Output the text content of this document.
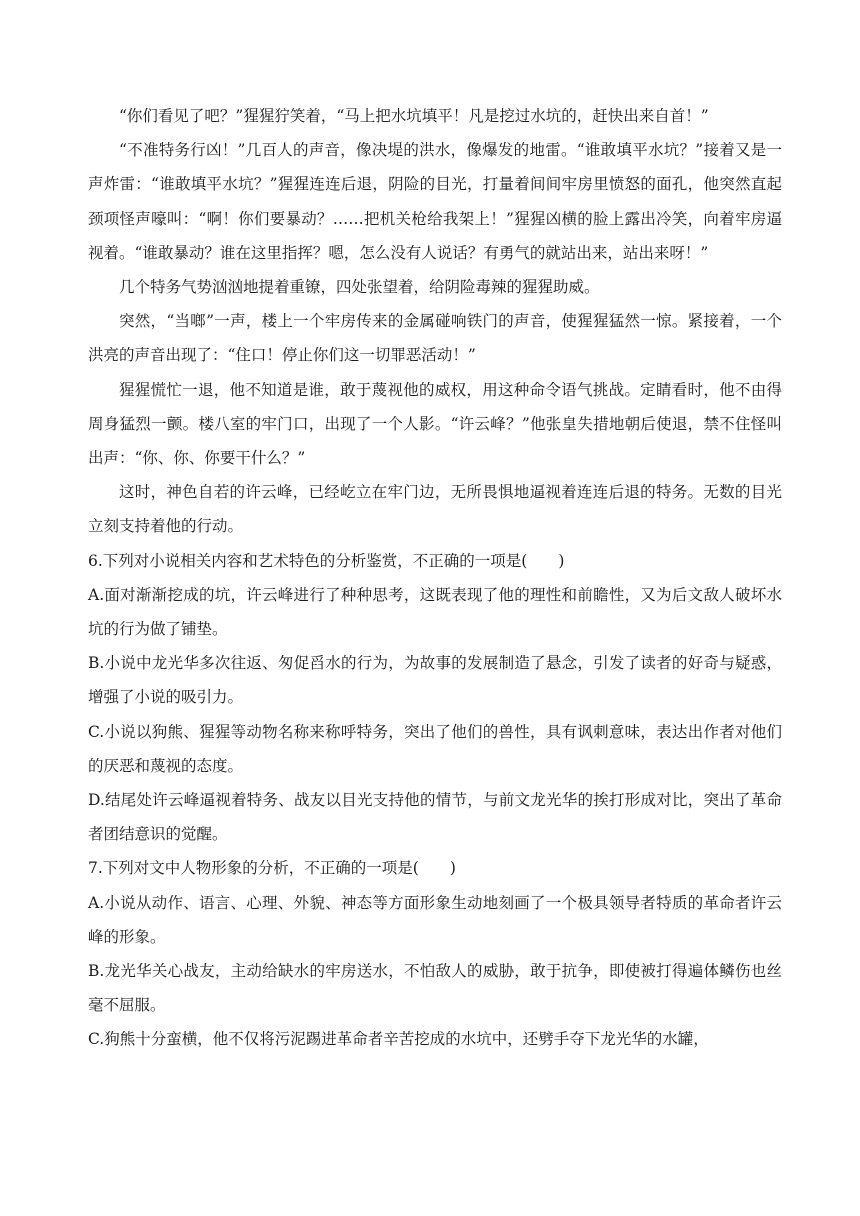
“你们看见了吧？”猩猩狞笑着，“马上把水坑填平！凡是挖过水坑的，赶快出来自首！”

“不准特务行凶！”几百人的声音，像决堤的洪水，像爆发的地雷。“谁敢填平水坑？”接着又是一声炸雷：“谁敢填平水坑？”猩猩连连后退，阴险的目光，打量着间间牢房里愤怒的面孔，他突然直起颈项怪声嚎叫：“啊！你们要暴动？……把机关枪给我架上！”猩猩凶横的脸上露出冷笑，向着牢房逼视着。“谁敢暴动？谁在这里指挥？嗯，怎么没有人说话？有勇气的就站出来，站出来呀！”

几个特务气势汹汹地提着重镣，四处张望着，给阴险毒辣的猩猩助威。

突然，“当啷”一声，楼上一个牢房传来的金属碰响铁门的声音，使猩猩猛然一惊。紧接着，一个洪亮的声音出现了：“住口！停止你们这一切罪恶活动！”

猩猩慌忙一退，他不知道是谁，敢于蔑视他的威权，用这种命令语气挑战。定睛看时，他不由得周身猛烈一颤。楼八室的牢门口，出现了一个人影。“许云峰？”他张皇失措地朝后使退，禁不住怪叫出声：“你、你、你要干什么？”

这时，神色自若的许云峰，已经屹立在牢门边，无所畏惧地逼视着连连后退的特务。无数的目光立刻支持着他的行动。

6.下列对小说相关内容和艺术特色的分析鉴赏，不正确的一项是(　　)

A.面对渐渐挖成的坑，许云峰进行了种种思考，这既表现了他的理性和前瞻性，又为后文敌人破坏水坑的行为做了铺垫。

B.小说中龙光华多次往返、匆促舀水的行为，为故事的发展制造了悬念，引发了读者的好奇与疑惑，增强了小说的吸引力。

C.小说以狗熊、猩猩等动物名称来称呼特务，突出了他们的兽性，具有讽刺意味，表达出作者对他们的厌恶和蔑视的态度。

D.结尾处许云峰逼视着特务、战友以目光支持他的情节，与前文龙光华的挨打形成对比，突出了革命者团结意识的觉醒。

7.下列对文中人物形象的分析，不正确的一项是(　　)

A.小说从动作、语言、心理、外貌、神态等方面形象生动地刻画了一个极具领导者特质的革命者许云峰的形象。

B.龙光华关心战友，主动给缺水的牢房送水，不怕敌人的威胁，敢于抗争，即使被打得遍体鳞伤也丝毫不屈服。

C.狗熊十分蛮横，他不仅将污泥踢进革命者辛苦挖成的水坑中，还劈手夺下龙光华的水罐，
